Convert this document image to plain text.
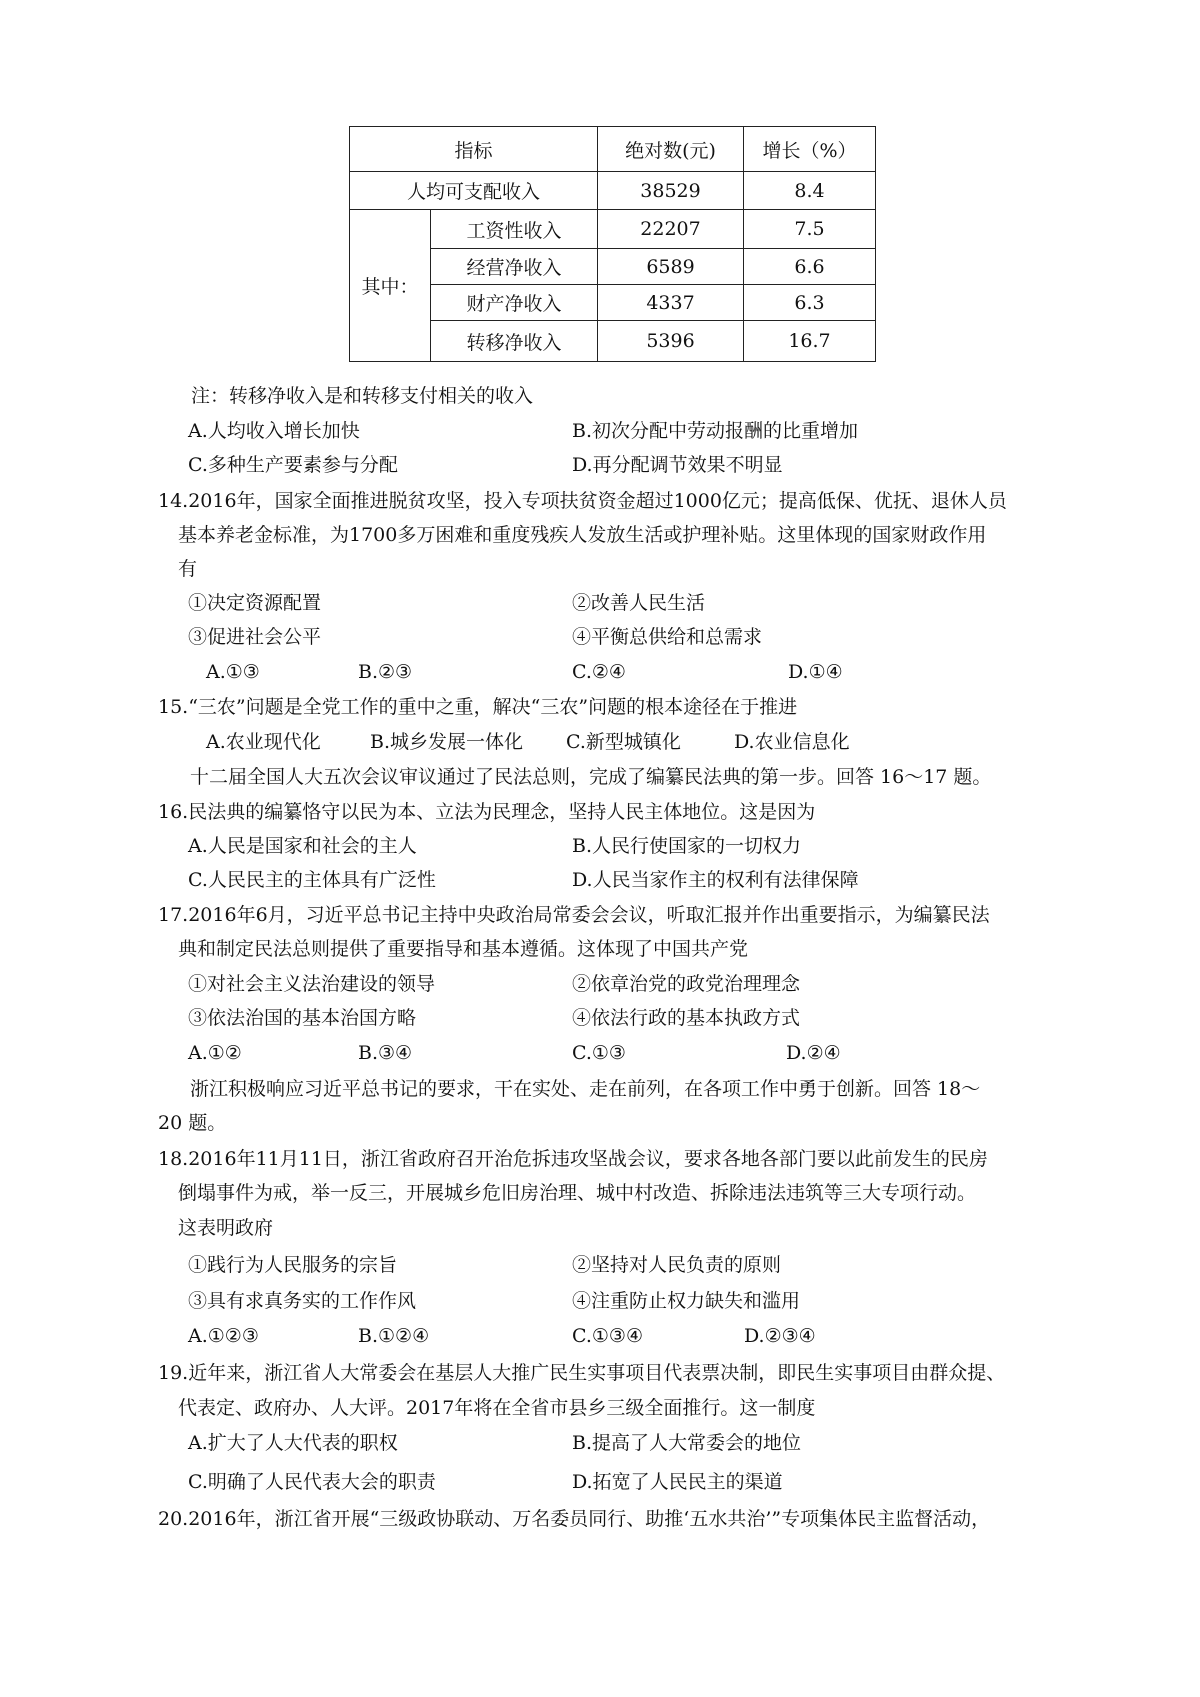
指标		绝对数(元)	增长（%）
人均可支配收入		38529	8.4
其中：	工资性收入	22207	7.5
	经营净收入	6589	6.6
	财产净收入	4337	6.3
	转移净收入	5396	16.7
注：转移净收入是和转移支付相关的收入
A.人均收入增长加快	B.初次分配中劳动报酬的比重增加
C.多种生产要素参与分配	D.再分配调节效果不明显
14.2016年，国家全面推进脱贫攻坚，投入专项扶贫资金超过1000亿元；提高低保、优抚、退休人员
基本养老金标准，为1700多万困难和重度残疾人发放生活或护理补贴。这里体现的国家财政作用
有
①决定资源配置	②改善人民生活
③促进社会公平	④平衡总供给和总需求
A.①③	B.②③	C.②④	D.①④
15.“三农”问题是全党工作的重中之重，解决“三农”问题的根本途径在于推进
A.农业现代化	B.城乡发展一体化 C.新型城镇化	D.农业信息化
十二届全国人大五次会议审议通过了民法总则，完成了编纂民法典的第一步。回答 16～17 题。
16.民法典的编纂恪守以民为本、立法为民理念，坚持人民主体地位。这是因为
A.人民是国家和社会的主人	B.人民行使国家的一切权力
C.人民民主的主体具有广泛性	D.人民当家作主的权利有法律保障
17.2016年6月，习近平总书记主持中央政治局常委会会议，听取汇报并作出重要指示，为编纂民法
典和制定民法总则提供了重要指导和基本遵循。这体现了中国共产党
①对社会主义法治建设的领导	②依章治党的政党治理理念
③依法治国的基本治国方略	④依法行政的基本执政方式
A.①②	B.③④	C.①③	D.②④
浙江积极响应习近平总书记的要求，干在实处、走在前列，在各项工作中勇于创新。回答 18～
20 题。
18.2016年11月11日，浙江省政府召开治危拆违攻坚战会议，要求各地各部门要以此前发生的民房
倒塌事件为戒，举一反三，开展城乡危旧房治理、城中村改造、拆除违法违筑等三大专项行动。
这表明政府
①践行为人民服务的宗旨	②坚持对人民负责的原则
③具有求真务实的工作作风	④注重防止权力缺失和滥用
A.①②③	B.①②④	C.①③④	D.②③④
19.近年来，浙江省人大常委会在基层人大推广民生实事项目代表票决制，即民生实事项目由群众提、
代表定、政府办、人大评。2017年将在全省市县乡三级全面推行。这一制度
A.扩大了人大代表的职权	B.提高了人大常委会的地位
C.明确了人民代表大会的职责	D.拓宽了人民民主的渠道
20.2016年，浙江省开展“三级政协联动、万名委员同行、助推‘五水共治’”专项集体民主监督活动，
